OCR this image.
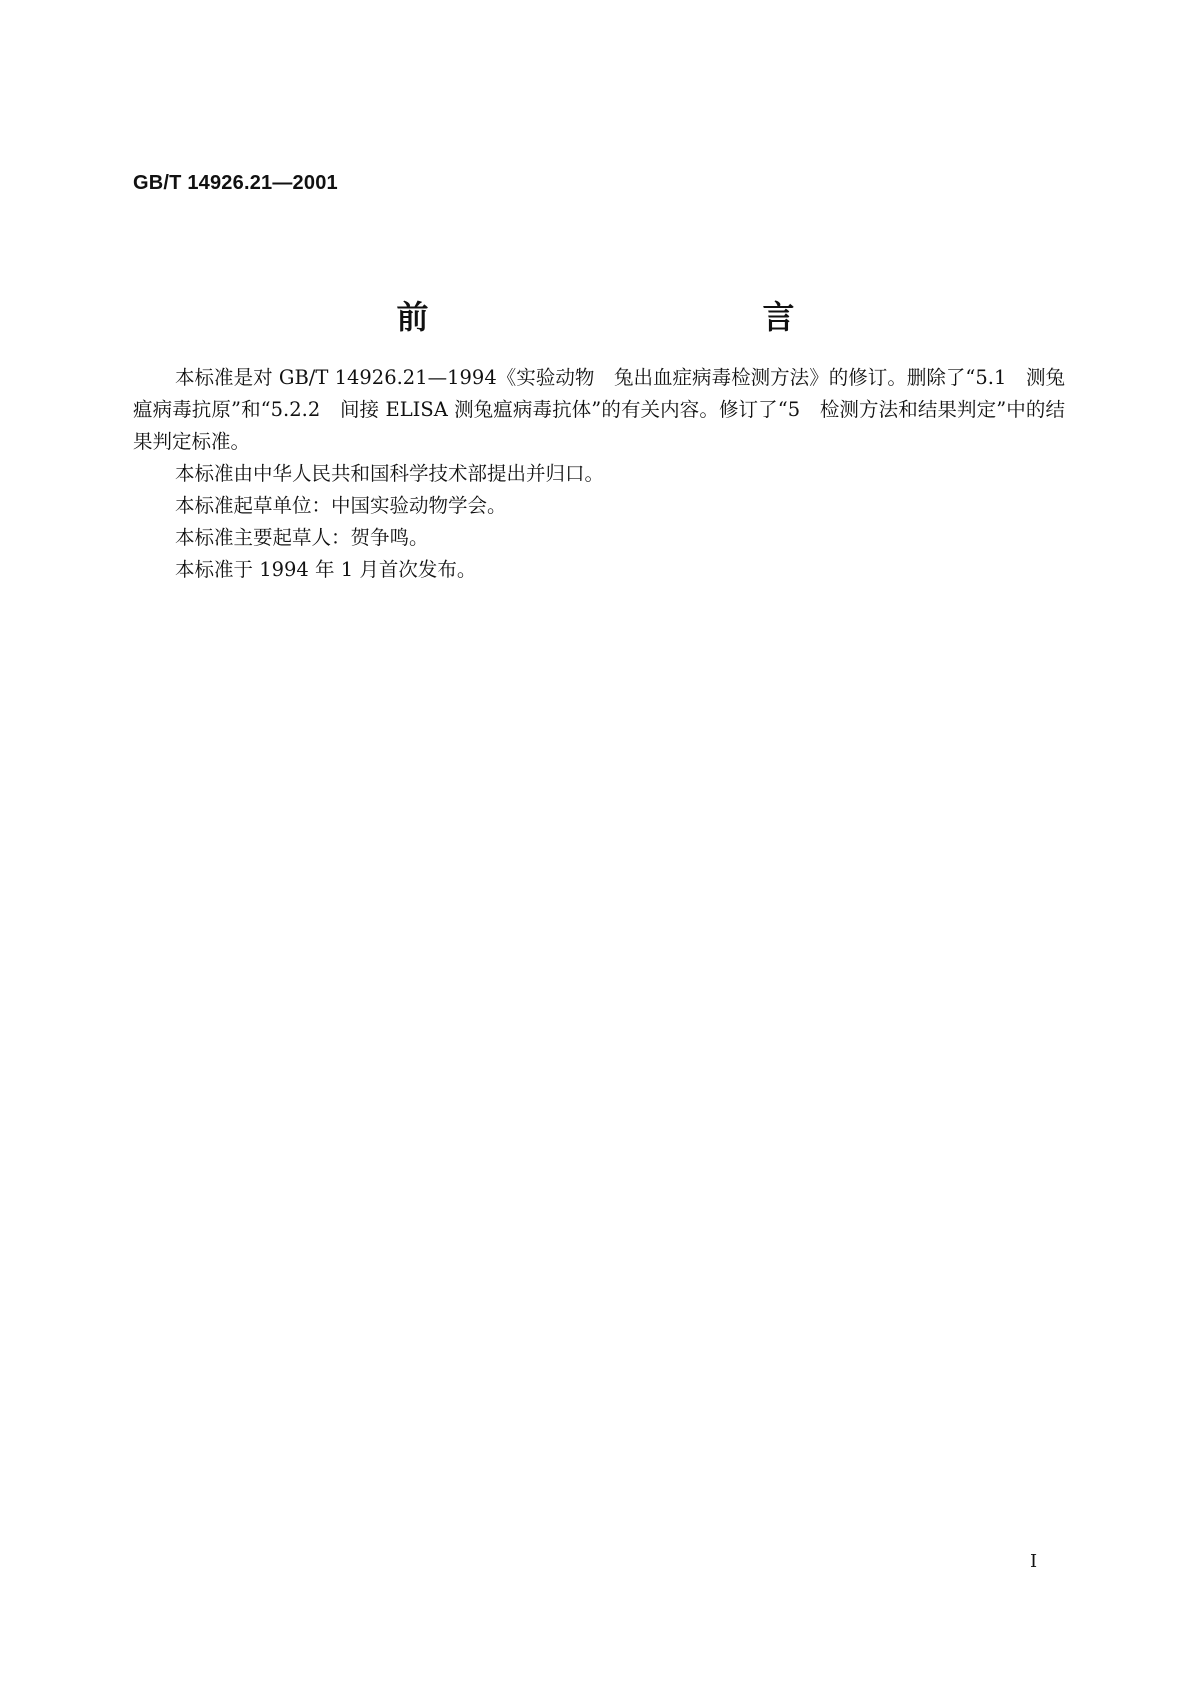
GB/T 14926.21—2001
前　　言

本标准是对 GB/T 14926.21—1994《实验动物　兔出血症病毒检测方法》的修订。删除了“5.1　测兔瘟病毒抗原”和“5.2.2　间接 ELISA 测兔瘟病毒抗体”的有关内容。修订了“5　检测方法和结果判定”中的结果判定标准。

本标准由中华人民共和国科学技术部提出并归口。

本标准起草单位：中国实验动物学会。

本标准主要起草人：贺争鸣。

本标准于 1994 年 1 月首次发布。

I
